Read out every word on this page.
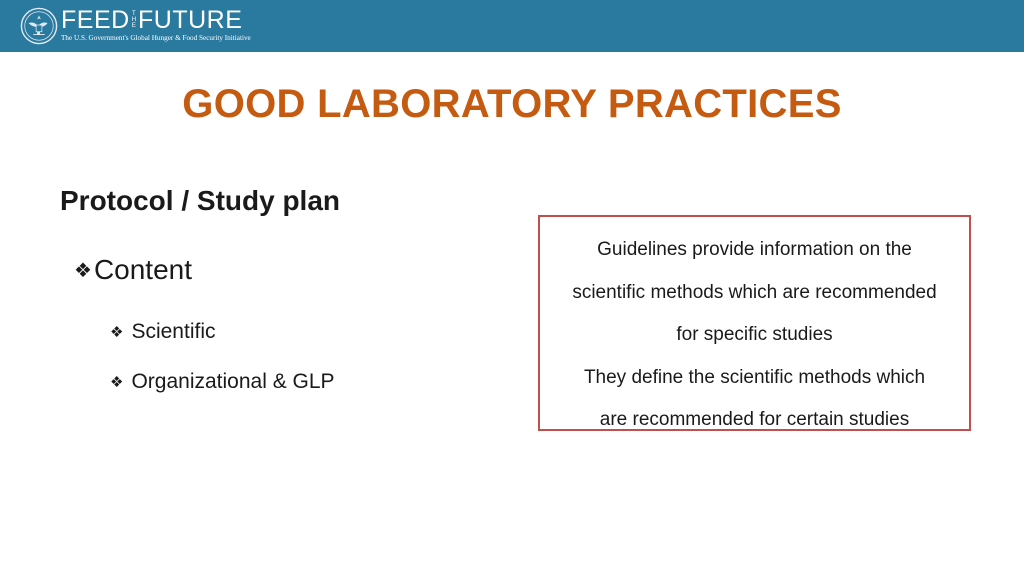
FEED T
H
E FUTURE
The U.S. Government's Global Hunger & Food Security Initiative
GOOD LABORATORY PRACTICES
Protocol / Study plan
❖ Content
❖ Scientific
❖ Organizational & GLP
Guidelines provide information on the
scientific methods which are recommended
for specific studies
They define the scientific methods which
are recommended for certain studies
